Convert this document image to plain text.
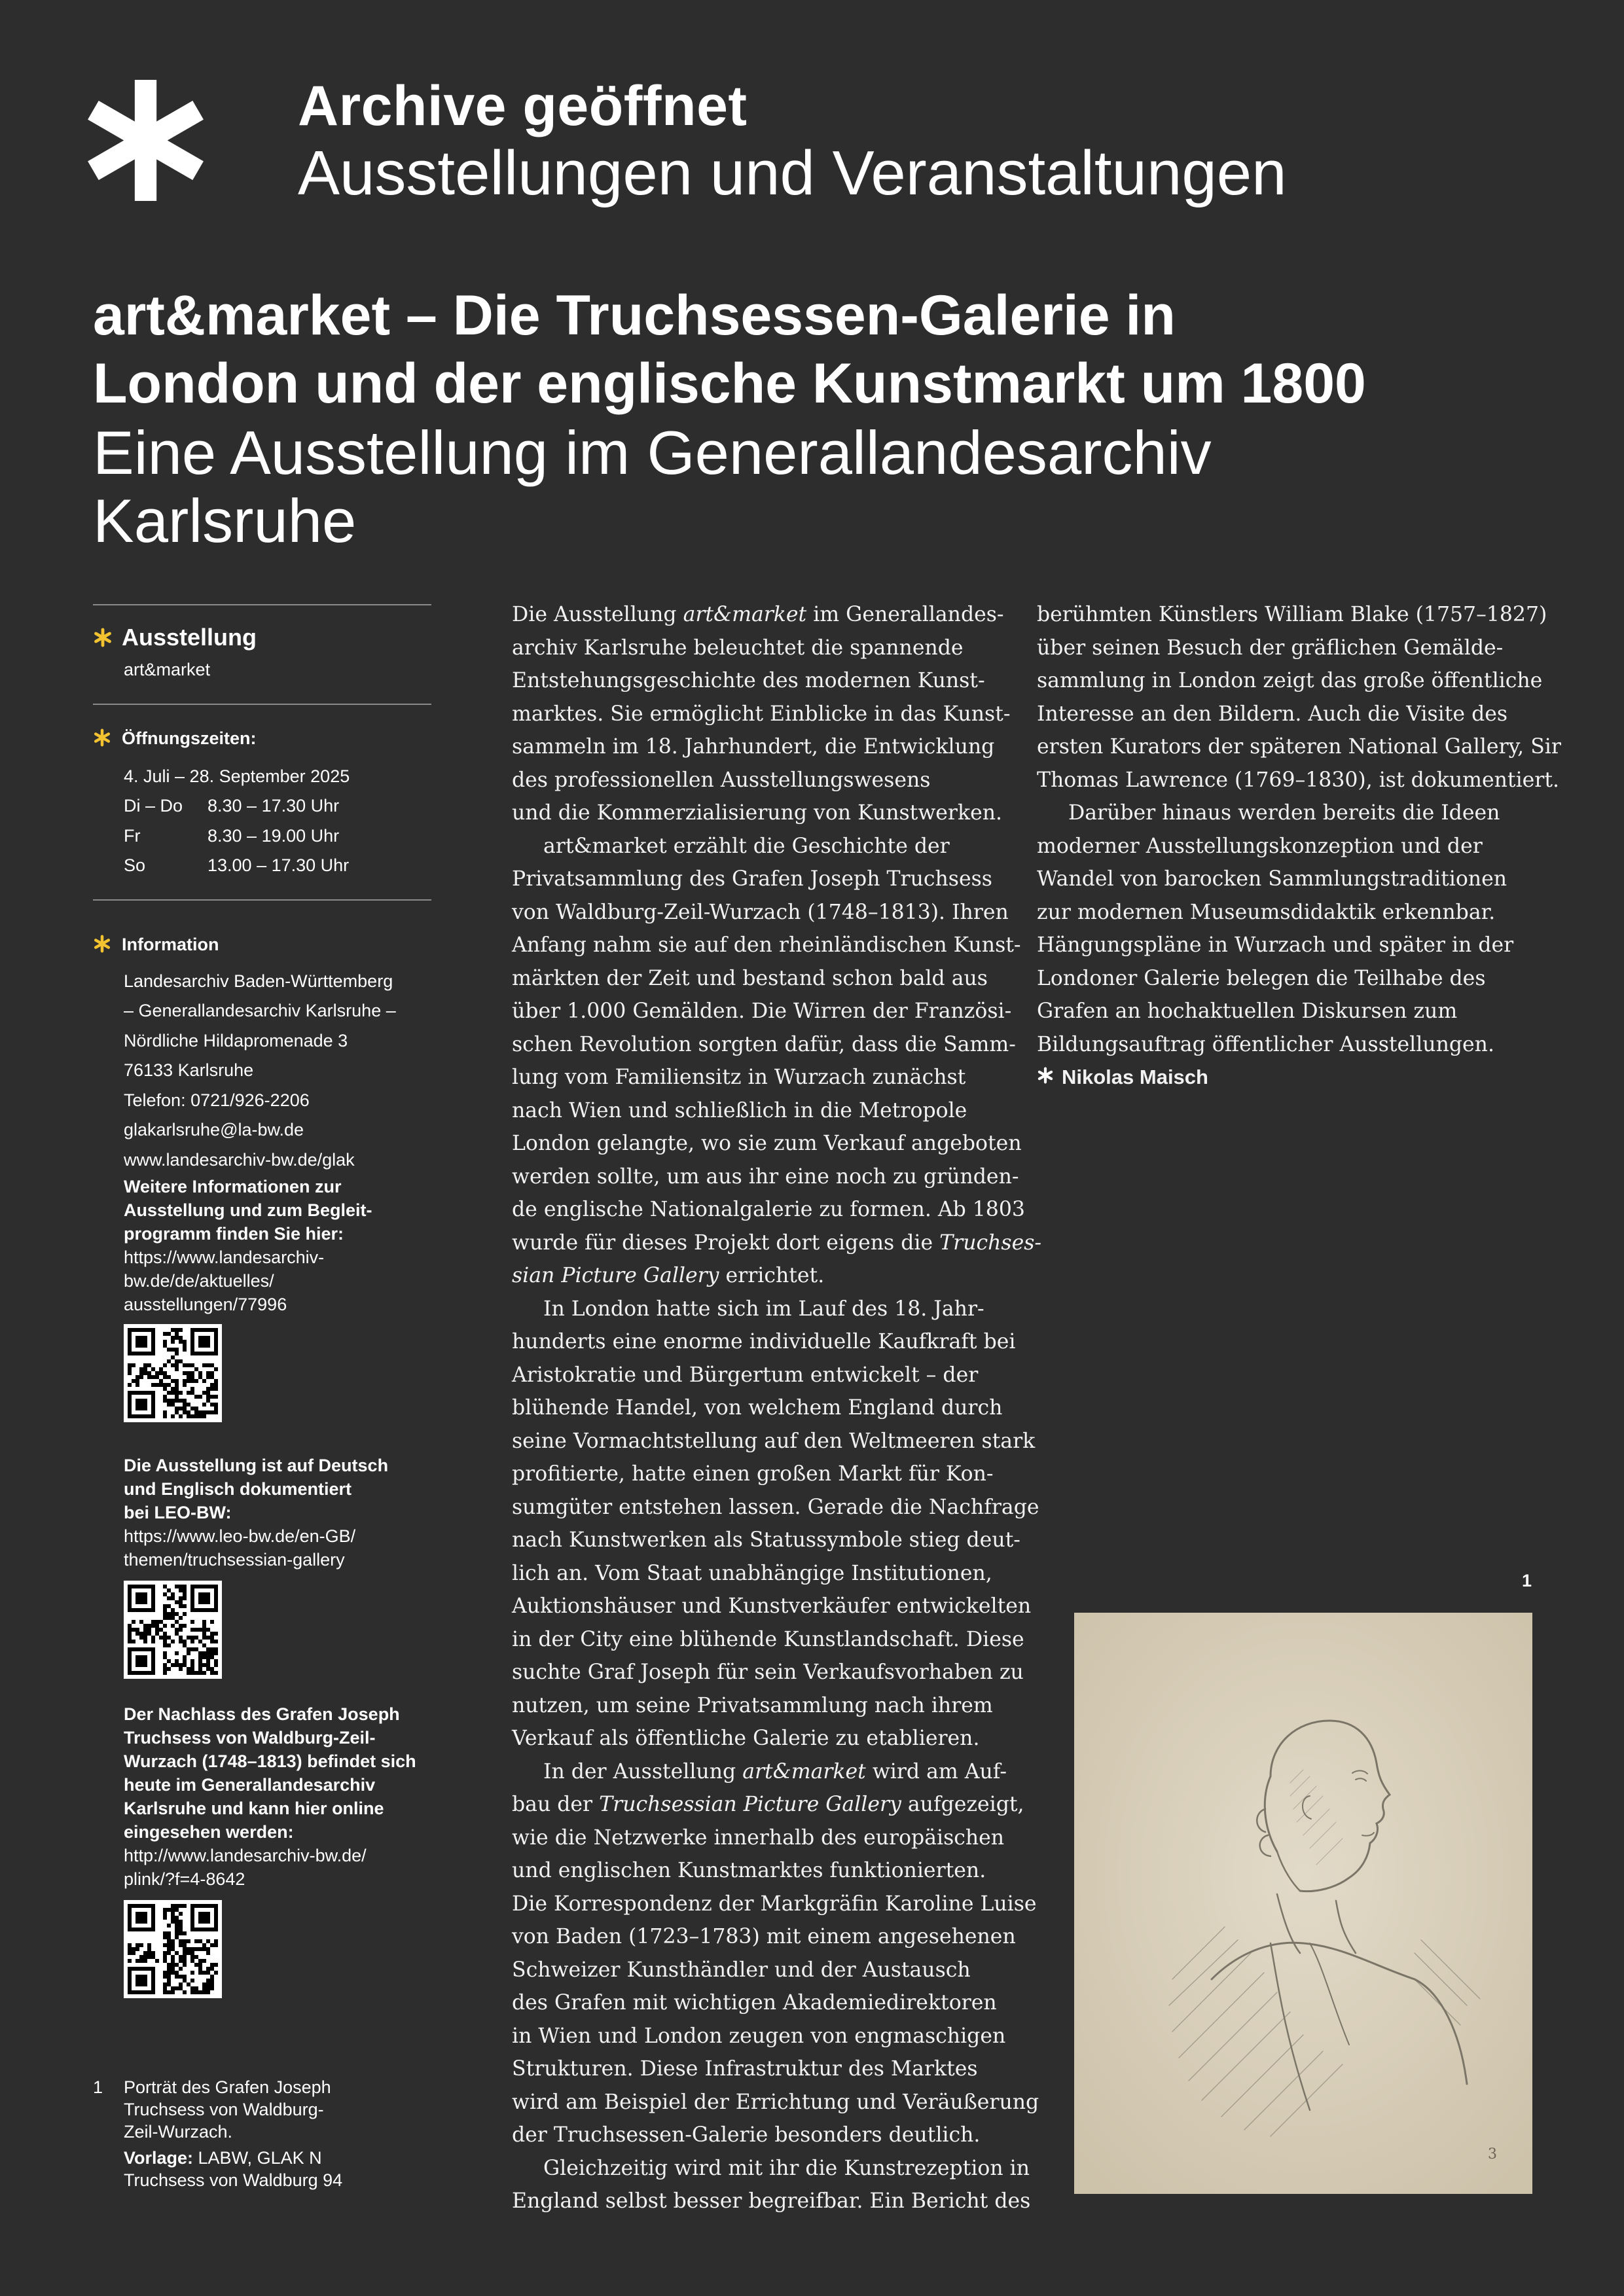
Archive geöffnet
Ausstellungen und Veranstaltungen
art&market – Die Truchsessen-Galerie in
London und der englische Kunstmarkt um 1800
Eine Ausstellung im Generallandesarchiv
Karlsruhe
Ausstellung
art&market
Öffnungszeiten:
4. Juli – 28. September 2025
Di – Do	8.30 – 17.30 Uhr
Fr	8.30 – 19.00 Uhr
So	13.00 – 17.30 Uhr
Information
Landesarchiv Baden-Württemberg
– Generallandesarchiv Karlsruhe –
Nördliche Hildapromenade 3
76133 Karlsruhe
Telefon: 0721/926-2206
glakarlsruhe@la-bw.de
www.landesarchiv-bw.de/glak
Weitere Informationen zur
Ausstellung und zum Begleit-
programm finden Sie hier:
https://www.landesarchiv-
bw.de/de/aktuelles/
ausstellungen/77996
Die Ausstellung ist auf Deutsch
und Englisch dokumentiert
bei LEO-BW:
https://www.leo-bw.de/en-GB/
themen/truchsessian-gallery
Der Nachlass des Grafen Joseph
Truchsess von Waldburg-Zeil-
Wurzach (1748–1813) befindet sich
heute im Generallandesarchiv
Karlsruhe und kann hier online
eingesehen werden:
http://www.landesarchiv-bw.de/
plink/?f=4-8642
1 Porträt des Grafen Joseph
Truchsess von Waldburg-
Zeil-Wurzach.
Vorlage: LABW, GLAK N
Truchsess von Waldburg 94
Die Ausstellung art&market im Generallandes-
archiv Karlsruhe beleuchtet die spannende
Entstehungsgeschichte des modernen Kunst-
marktes. Sie ermöglicht Einblicke in das Kunst-
sammeln im 18. Jahrhundert, die Entwicklung
des professionellen Ausstellungswesens
und die Kommerzialisierung von Kunstwerken.
art&market erzählt die Geschichte der
Privatsammlung des Grafen Joseph Truchsess
von Waldburg-Zeil-Wurzach (1748–1813). Ihren
Anfang nahm sie auf den rheinländischen Kunst-
märkten der Zeit und bestand schon bald aus
über 1.000 Gemälden. Die Wirren der Französi-
schen Revolution sorgten dafür, dass die Samm-
lung vom Familiensitz in Wurzach zunächst
nach Wien und schließlich in die Metropole
London gelangte, wo sie zum Verkauf angeboten
werden sollte, um aus ihr eine noch zu gründen-
de englische Nationalgalerie zu formen. Ab 1803
wurde für dieses Projekt dort eigens die Truchses-
sian Picture Gallery errichtet.
In London hatte sich im Lauf des 18. Jahr-
hunderts eine enorme individuelle Kaufkraft bei
Aristokratie und Bürgertum entwickelt – der
blühende Handel, von welchem England durch
seine Vormachtstellung auf den Weltmeeren stark
profitierte, hatte einen großen Markt für Kon-
sumgüter entstehen lassen. Gerade die Nachfrage
nach Kunstwerken als Statussymbole stieg deut-
lich an. Vom Staat unabhängige Institutionen,
Auktionshäuser und Kunstverkäufer entwickelten
in der City eine blühende Kunstlandschaft. Diese
suchte Graf Joseph für sein Verkaufsvorhaben zu
nutzen, um seine Privatsammlung nach ihrem
Verkauf als öffentliche Galerie zu etablieren.
In der Ausstellung art&market wird am Auf-
bau der Truchsessian Picture Gallery aufgezeigt,
wie die Netzwerke innerhalb des europäischen
und englischen Kunstmarktes funktionierten.
Die Korrespondenz der Markgräfin Karoline Luise
von Baden (1723–1783) mit einem angesehenen
Schweizer Kunsthändler und der Austausch
des Grafen mit wichtigen Akademiedirektoren
in Wien und London zeugen von engmaschigen
Strukturen. Diese Infrastruktur des Marktes
wird am Beispiel der Errichtung und Veräußerung
der Truchsessen-Galerie besonders deutlich.
Gleichzeitig wird mit ihr die Kunstrezeption in
England selbst besser begreifbar. Ein Bericht des
berühmten Künstlers William Blake (1757–1827)
über seinen Besuch der gräflichen Gemälde-
sammlung in London zeigt das große öffentliche
Interesse an den Bildern. Auch die Visite des
ersten Kurators der späteren National Gallery, Sir
Thomas Lawrence (1769–1830), ist dokumentiert.
Darüber hinaus werden bereits die Ideen
moderner Ausstellungskonzeption und der
Wandel von barocken Sammlungstraditionen
zur modernen Museumsdidaktik erkennbar.
Hängungspläne in Wurzach und später in der
Londoner Galerie belegen die Teilhabe des
Grafen an hochaktuellen Diskursen zum
Bildungsauftrag öffentlicher Ausstellungen.
Nikolas Maisch
1
3
